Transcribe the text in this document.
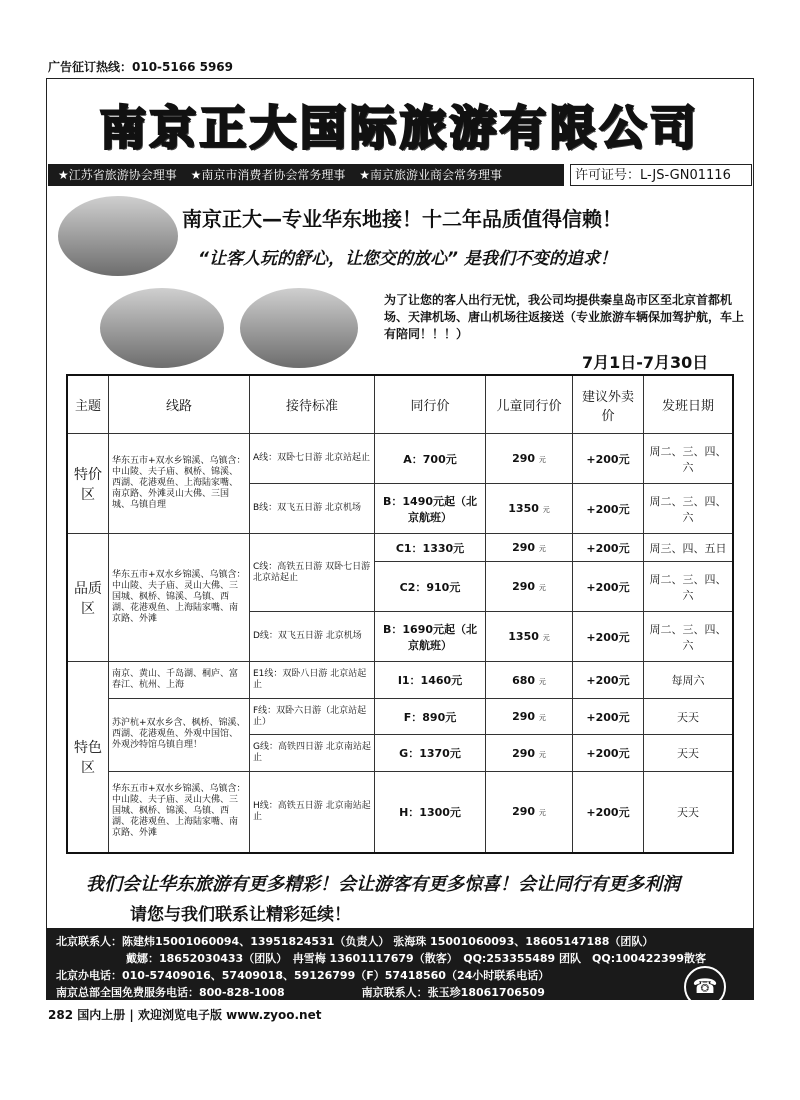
广告征订热线：010-5166 5969
南京正大国际旅游有限公司
★江苏省旅游协会理事 ★南京市消费者协会常务理事 ★南京旅游业商会常务理事	许可证号：L-JS-GN01116
南京正大—专业华东地接！十二年品质值得信赖！
“让客人玩的舒心，让您交的放心” 是我们不变的追求！
为了让您的客人出行无忧，我公司均提供秦皇岛市区至北京首都机场、天津机场、唐山机场往返接送（专业旅游车辆保加驾护航，车上有陪同！！！）
7月1日-7月30日
主题	线路	接待标准	同行价	儿童同行价	建议外卖价	发班日期
特价区	华东五市+双水乡锦溪、乌镇含：中山陵、夫子庙、枫桥、锦溪、西湖、花港观鱼、上海陆家嘴、南京路、外滩灵山大佛、三国城、乌镇自理	A线：双卧七日游 北京站起止	A：700元	290 元	+200元	周二、三、四、六
		B线：双飞五日游 北京机场	B：1490元起（北京航班）	1350 元	+200元	周二、三、四、六
品质区	华东五市+双水乡锦溪、乌镇含：中山陵、夫子庙、灵山大佛、三国城、枫桥、锦溪、乌镇、西湖、花港观鱼、上海陆家嘴、南京路、外滩	C线：高铁五日游 双卧七日游 北京站起止	C1：1330元	290 元	+200元	周三、四、五日
			C2：910元	290 元	+200元	周二、三、四、六
		D线：双飞五日游 北京机场	B：1690元起（北京航班）	1350 元	+200元	周二、三、四、六
特色区	南京、黄山、千岛湖、桐庐、富春江、杭州、上海	E1线：双卧八日游 北京站起止	I1：1460元	680 元	+200元	每周六
	苏沪杭+双水乡含、枫桥、锦溪、西湖、花港观鱼、外观中国馆、外观沙特馆乌镇自理！	F线：双卧六日游（北京站起止）	F：890元	290 元	+200元	天天
		G线：高铁四日游 北京南站起止	G：1370元	290 元	+200元	天天
	华东五市+双水乡锦溪、乌镇含：中山陵、夫子庙、灵山大佛、三国城、枫桥、锦溪、乌镇、西湖、花港观鱼、上海陆家嘴、南京路、外滩	H线：高铁五日游 北京南站起止	H：1300元	290 元	+200元	天天
我们会让华东旅游有更多精彩！会让游客有更多惊喜！会让同行有更多利润
请您与我们联系让精彩延续！
北京联系人：陈建炜15001060094、13951824531（负责人） 张海珠 15001060093、18605147188（团队）
戴娜：18652030433（团队）　冉雪梅 13601117679（散客）　QQ:253355489 团队　QQ:100422399散客
北京办电话：010-57409016、57409018、59126799（F）57418560（24小时联系电话）
南京总部全国免费服务电话：800-828-1008　　　　　　　南京联系人：张玉珍18061706509	☎
282 国内上册 | 欢迎浏览电子版 www.zyoo.net
